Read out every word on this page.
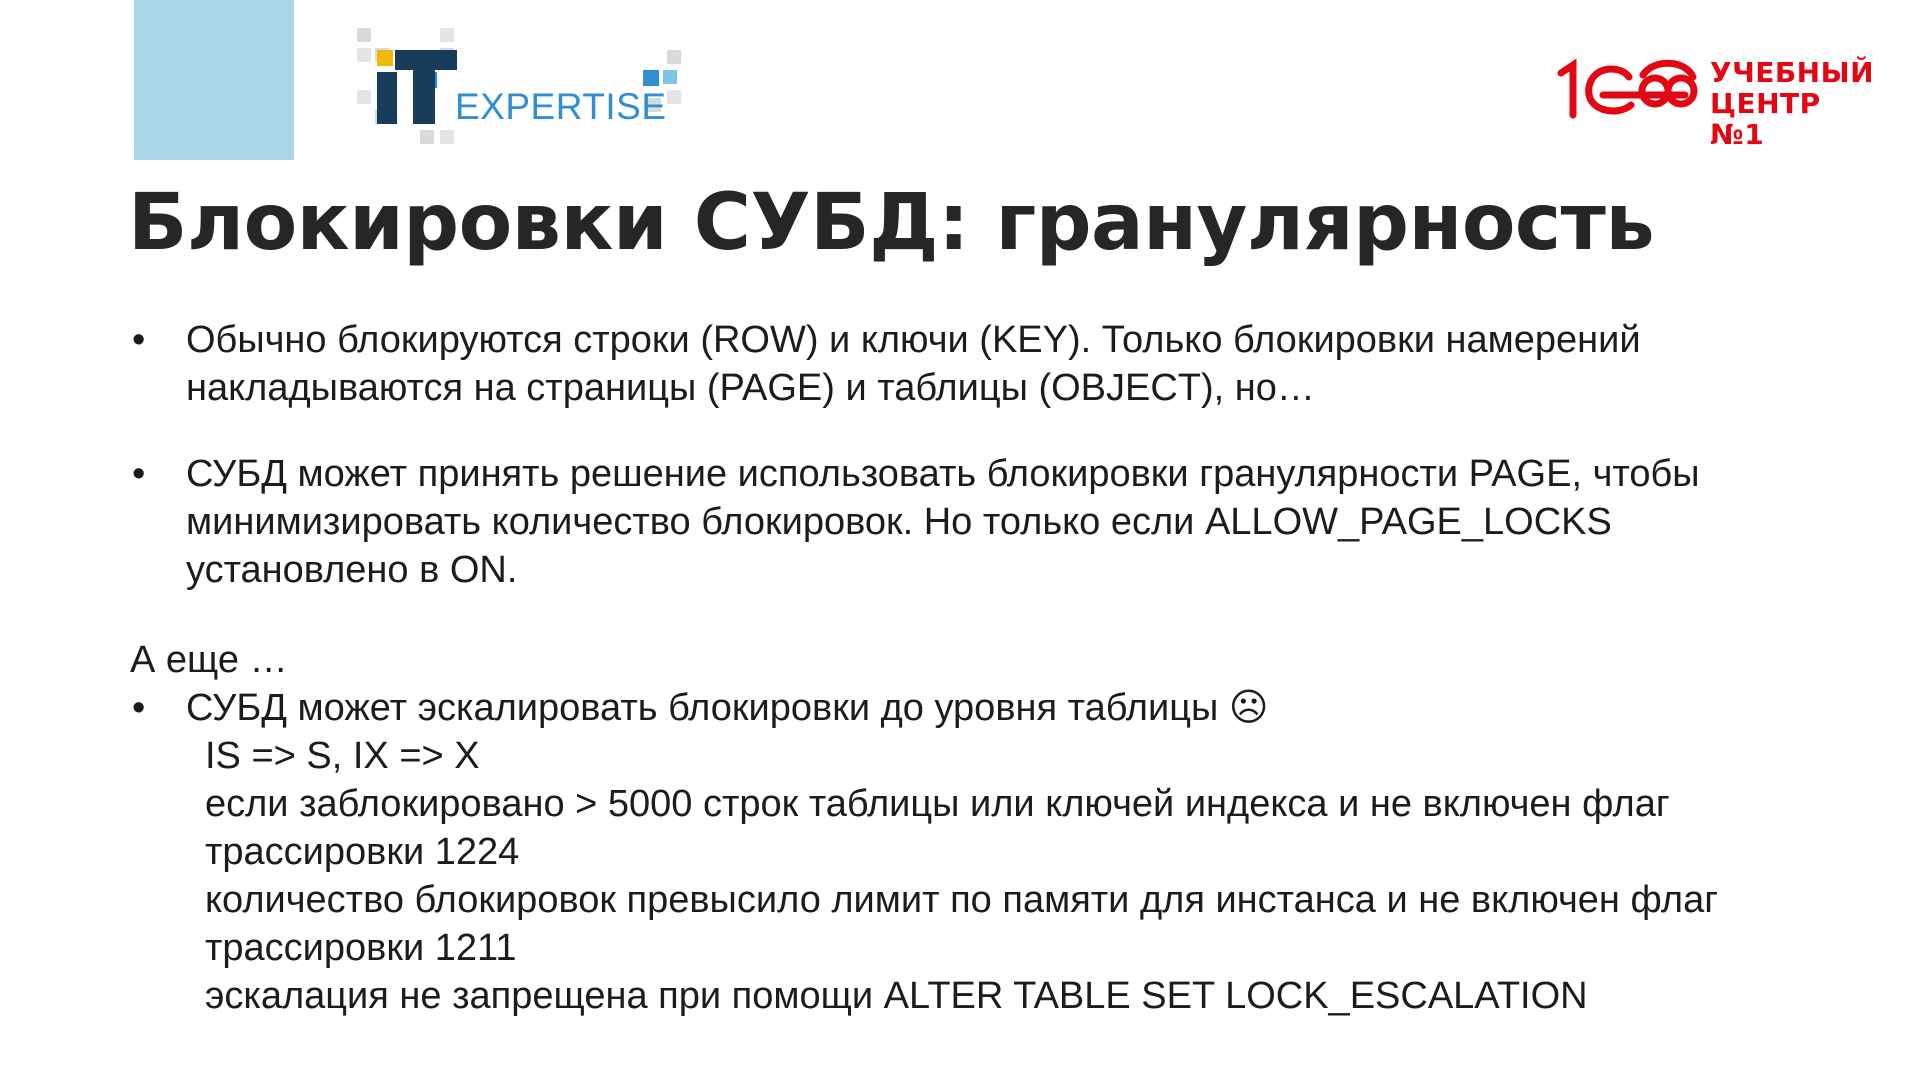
EXPERTISE
УЧЕБНЫЙ
ЦЕНТР №1
Блокировки СУБД: гранулярность
• Обычно блокируются строки (ROW) и ключи (KEY). Только блокировки намерений
накладываются на страницы (PAGE) и таблицы (OBJECT), но…
• СУБД может принять решение использовать блокировки гранулярности PAGE, чтобы
минимизировать количество блокировок. Но только если ALLOW_PAGE_LOCKS
установлено в ON.
А еще …
• СУБД может эскалировать блокировки до уровня таблицы ☹
IS => S, IX => X
если заблокировано > 5000 строк таблицы или ключей индекса и не включен флаг
трассировки 1224
количество блокировок превысило лимит по памяти для инстанса и не включен флаг
трассировки 1211
эскалация не запрещена при помощи ALTER TABLE SET LOCK_ESCALATION
